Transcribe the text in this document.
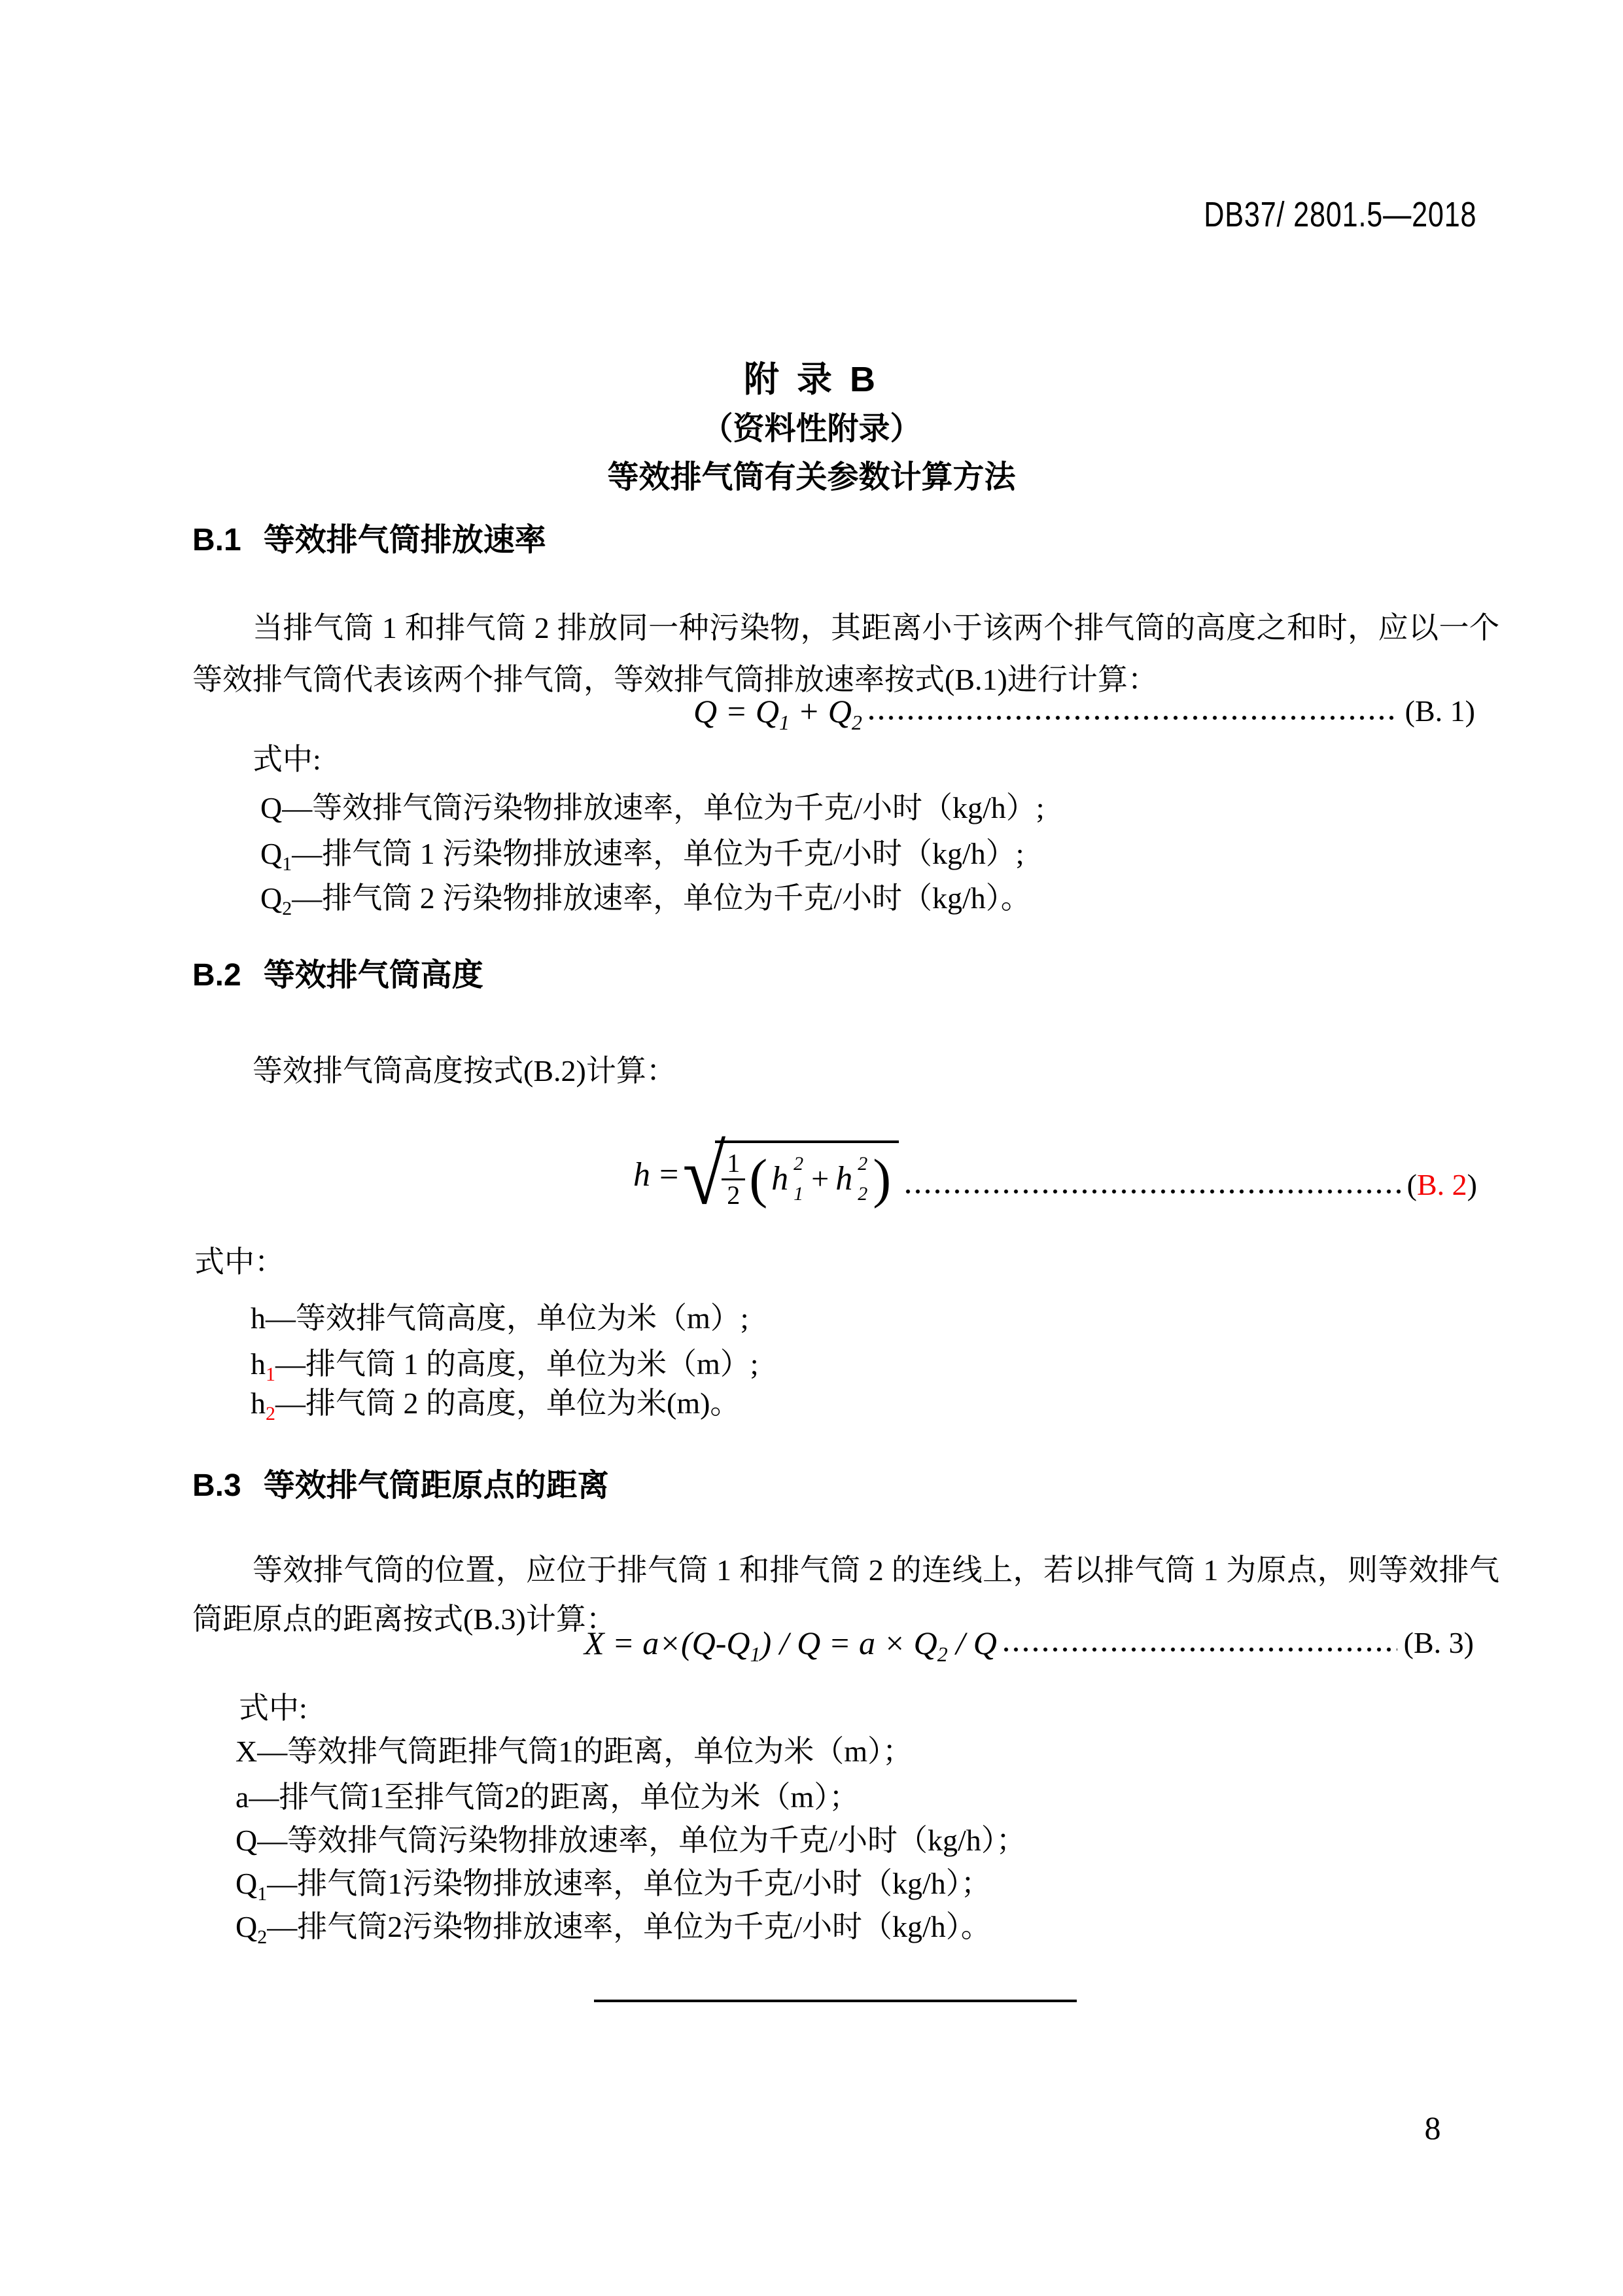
DB37/ 2801.5—2018
附 录 B
（资料性附录）
等效排气筒有关参数计算方法
B.1 等效排气筒排放速率
当排气筒 1 和排气筒 2 排放同一种污染物，其距离小于该两个排气筒的高度之和时，应以一个等效排气筒代表该两个排气筒，等效排气筒排放速率按式(B.1)进行计算：
$Q = Q_1 + Q_2$	(B. 1)
式中:
Q—等效排气筒污染物排放速率，单位为千克/小时（kg/h）;
$Q_1—$排气筒 1 污染物排放速率，单位为千克/小时（kg/h）;
$Q_2—$排气筒 2 污染物排放速率，单位为千克/小时（kg/h）。
B.2 等效排气筒高度
等效排气筒高度按式(B.2)计算：
h = √
$\frac{1}{2}$ ( h 2
1 + h 2
2 )	(B. 2)
式中：
h—等效排气筒高度，单位为米（m）;
$h_1—$排气筒 1 的高度，单位为米（m）;
$h_2—$排气筒 2 的高度，单位为米(m)。
B.3 等效排气筒距原点的距离
等效排气筒的位置，应位于排气筒 1 和排气筒 2 的连线上，若以排气筒 1 为原点，则等效排气筒距原点的距离按式(B.3)计算：
$X = a\times(Q-Q_1) / Q = a \times Q_2 / Q$	(B. 3)
式中:
X—等效排气筒距排气筒1的距离，单位为米（m）；
a—排气筒1至排气筒2的距离，单位为米（m）；
Q—等效排气筒污染物排放速率，单位为千克/小时（kg/h）；
$Q_1—$排气筒1污染物排放速率，单位为千克/小时（kg/h）；
$Q_2—$排气筒2污染物排放速率，单位为千克/小时（kg/h）。
8
